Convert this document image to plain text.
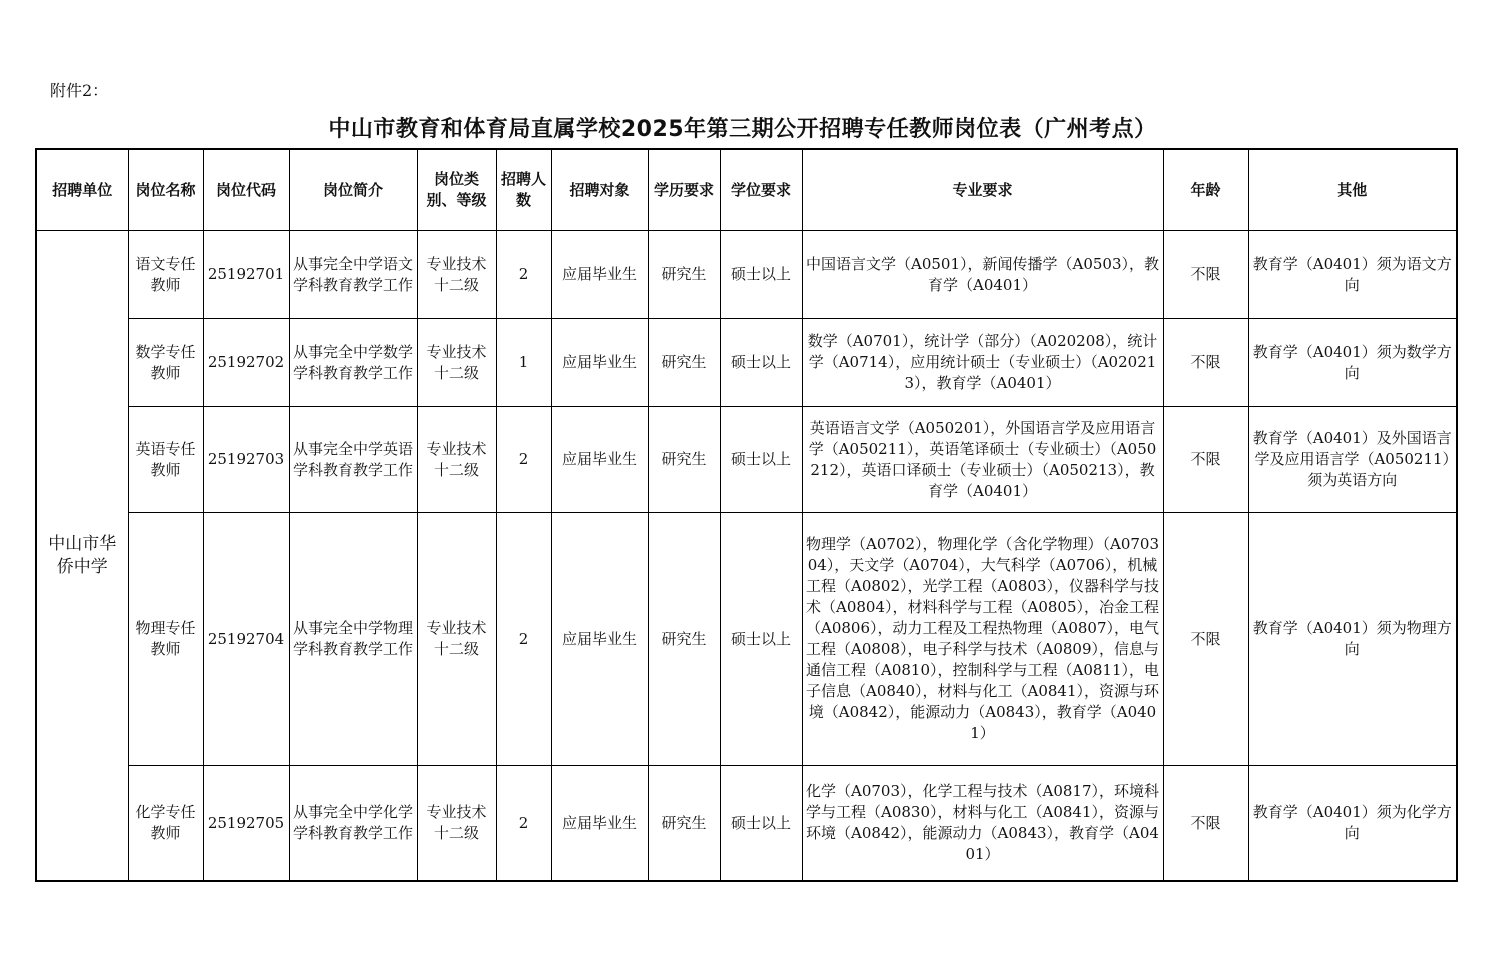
附件2：
中山市教育和体育局直属学校2025年第三期公开招聘专任教师岗位表（广州考点）
招聘单位	岗位名称	岗位代码	岗位简介	岗位类别、等级	招聘人数	招聘对象	学历要求	学位要求	专业要求	年龄	其他
中山市华侨中学	语文专任教师	25192701	从事完全中学语文学科教育教学工作	专业技术十二级	2	应届毕业生	研究生	硕士以上	中国语言文学（A0501），新闻传播学（A0503），教育学（A0401）	不限	教育学（A0401）须为语文方向
	数学专任教师	25192702	从事完全中学数学学科教育教学工作	专业技术十二级	1	应届毕业生	研究生	硕士以上	数学（A0701），统计学（部分）（A020208），统计学（A0714），应用统计硕士（专业硕士）（A020213），教育学（A0401）	不限	教育学（A0401）须为数学方向
	英语专任教师	25192703	从事完全中学英语学科教育教学工作	专业技术十二级	2	应届毕业生	研究生	硕士以上	英语语言文学（A050201），外国语言学及应用语言学（A050211），英语笔译硕士（专业硕士）（A050212），英语口译硕士（专业硕士）（A050213），教育学（A0401）	不限	教育学（A0401）及外国语言学及应用语言学（A050211）须为英语方向
	物理专任教师	25192704	从事完全中学物理学科教育教学工作	专业技术十二级	2	应届毕业生	研究生	硕士以上	物理学（A0702），物理化学（含化学物理）（A070304），天文学（A0704），大气科学（A0706），机械工程（A0802），光学工程（A0803），仪器科学与技术（A0804），材料科学与工程（A0805），冶金工程（A0806），动力工程及工程热物理（A0807），电气工程（A0808），电子科学与技术（A0809），信息与通信工程（A0810），控制科学与工程（A0811），电子信息（A0840），材料与化工（A0841），资源与环境（A0842），能源动力（A0843），教育学（A0401）	不限	教育学（A0401）须为物理方向
	化学专任教师	25192705	从事完全中学化学学科教育教学工作	专业技术十二级	2	应届毕业生	研究生	硕士以上	化学（A0703），化学工程与技术（A0817），环境科学与工程（A0830），材料与化工（A0841），资源与环境（A0842），能源动力（A0843），教育学（A0401）	不限	教育学（A0401）须为化学方向
